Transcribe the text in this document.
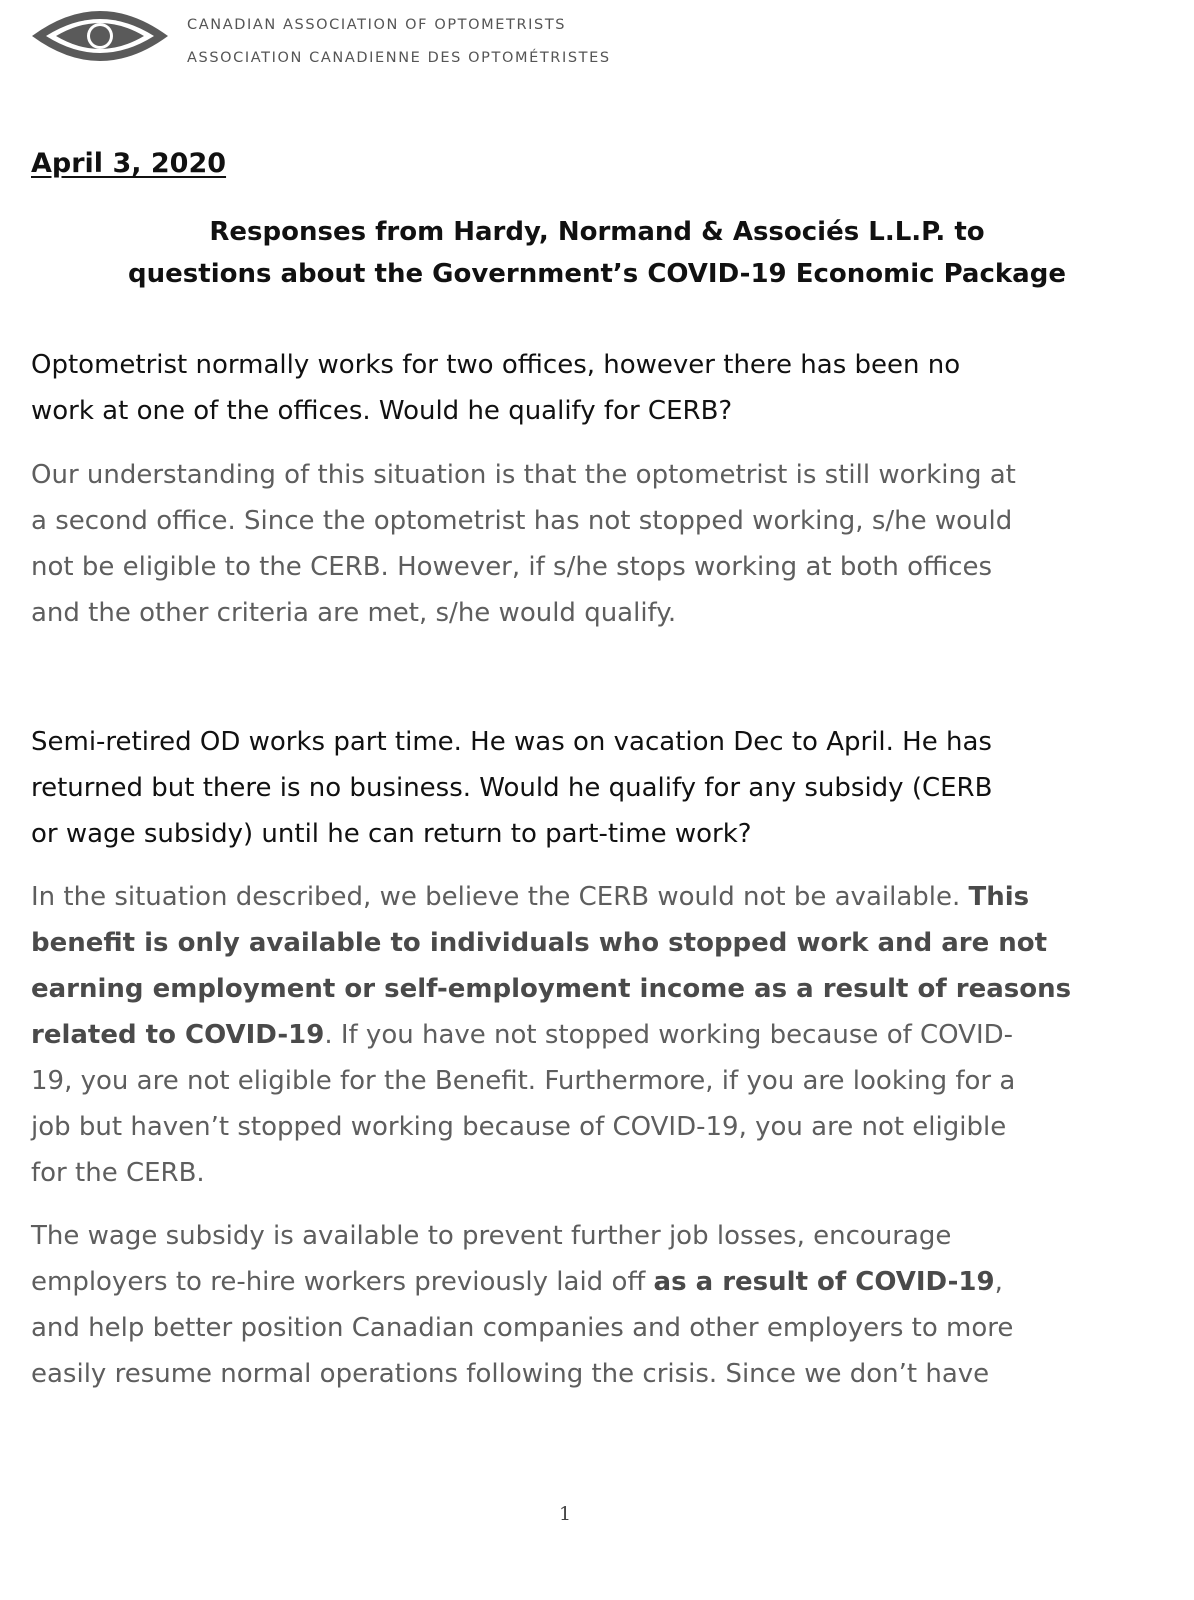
CANADIAN ASSOCIATION OF OPTOMETRISTS
ASSOCIATION CANADIENNE DES OPTOMÉTRISTES
April 3, 2020
Responses from Hardy, Normand & Associés L.L.P. to
questions about the Government’s COVID-19 Economic Package
Optometrist normally works for two offices, however there has been no
work at one of the offices. Would he qualify for CERB?
Our understanding of this situation is that the optometrist is still working at
a second office. Since the optometrist has not stopped working, s/he would
not be eligible to the CERB. However, if s/he stops working at both offices
and the other criteria are met, s/he would qualify.
Semi-retired OD works part time. He was on vacation Dec to April. He has
returned but there is no business. Would he qualify for any subsidy (CERB
or wage subsidy) until he can return to part-time work?
In the situation described, we believe the CERB would not be available. This
benefit is only available to individuals who stopped work and are not
earning employment or self-employment income as a result of reasons
related to COVID-19. If you have not stopped working because of COVID-
19, you are not eligible for the Benefit. Furthermore, if you are looking for a
job but haven’t stopped working because of COVID-19, you are not eligible
for the CERB.
The wage subsidy is available to prevent further job losses, encourage
employers to re-hire workers previously laid off as a result of COVID-19,
and help better position Canadian companies and other employers to more
easily resume normal operations following the crisis. Since we don’t have
1
